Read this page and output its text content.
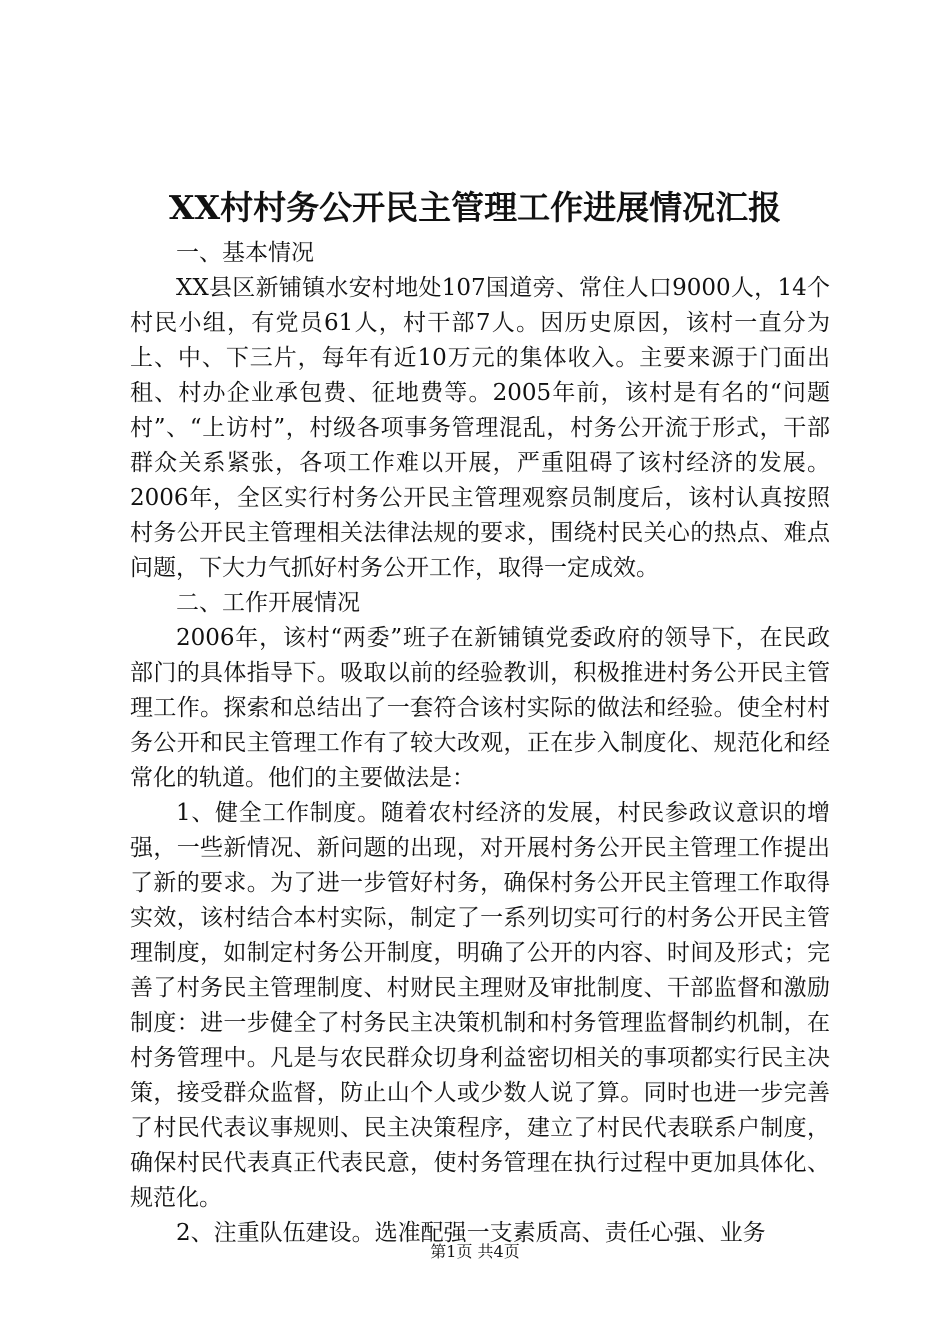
XX村村务公开民主管理工作进展情况汇报

一、基本情况

XX县区新铺镇水安村地处107国道旁、常住人口9000人，14个村民小组，有党员61人，村干部7人。因历史原因，该村一直分为上、中、下三片，每年有近10万元的集体收入。主要来源于门面出租、村办企业承包费、征地费等。2005年前，该村是有名的“问题村”、“上访村”，村级各项事务管理混乱，村务公开流于形式，干部群众关系紧张，各项工作难以开展，严重阻碍了该村经济的发展。2006年，全区实行村务公开民主管理观察员制度后，该村认真按照村务公开民主管理相关法律法规的要求，围绕村民关心的热点、难点问题，下大力气抓好村务公开工作，取得一定成效。

二、工作开展情况

2006年，该村“两委”班子在新铺镇党委政府的领导下，在民政部门的具体指导下。吸取以前的经验教训，积极推进村务公开民主管理工作。探索和总结出了一套符合该村实际的做法和经验。使全村村务公开和民主管理工作有了较大改观，正在步入制度化、规范化和经常化的轨道。他们的主要做法是：

1、健全工作制度。随着农村经济的发展，村民参政议意识的增强，一些新情况、新问题的出现，对开展村务公开民主管理工作提出了新的要求。为了进一步管好村务，确保村务公开民主管理工作取得实效，该村结合本村实际，制定了一系列切实可行的村务公开民主管理制度，如制定村务公开制度，明确了公开的内容、时间及形式；完善了村务民主管理制度、村财民主理财及审批制度、干部监督和激励制度：进一步健全了村务民主决策机制和村务管理监督制约机制，在村务管理中。凡是与农民群众切身利益密切相关的事项都实行民主决策，接受群众监督，防止山个人或少数人说了算。同时也进一步完善了村民代表议事规则、民主决策程序，建立了村民代表联系户制度，确保村民代表真正代表民意，使村务管理在执行过程中更加具体化、规范化。

2、注重队伍建设。选准配强一支素质高、责任心强、业务

第1页 共4页
